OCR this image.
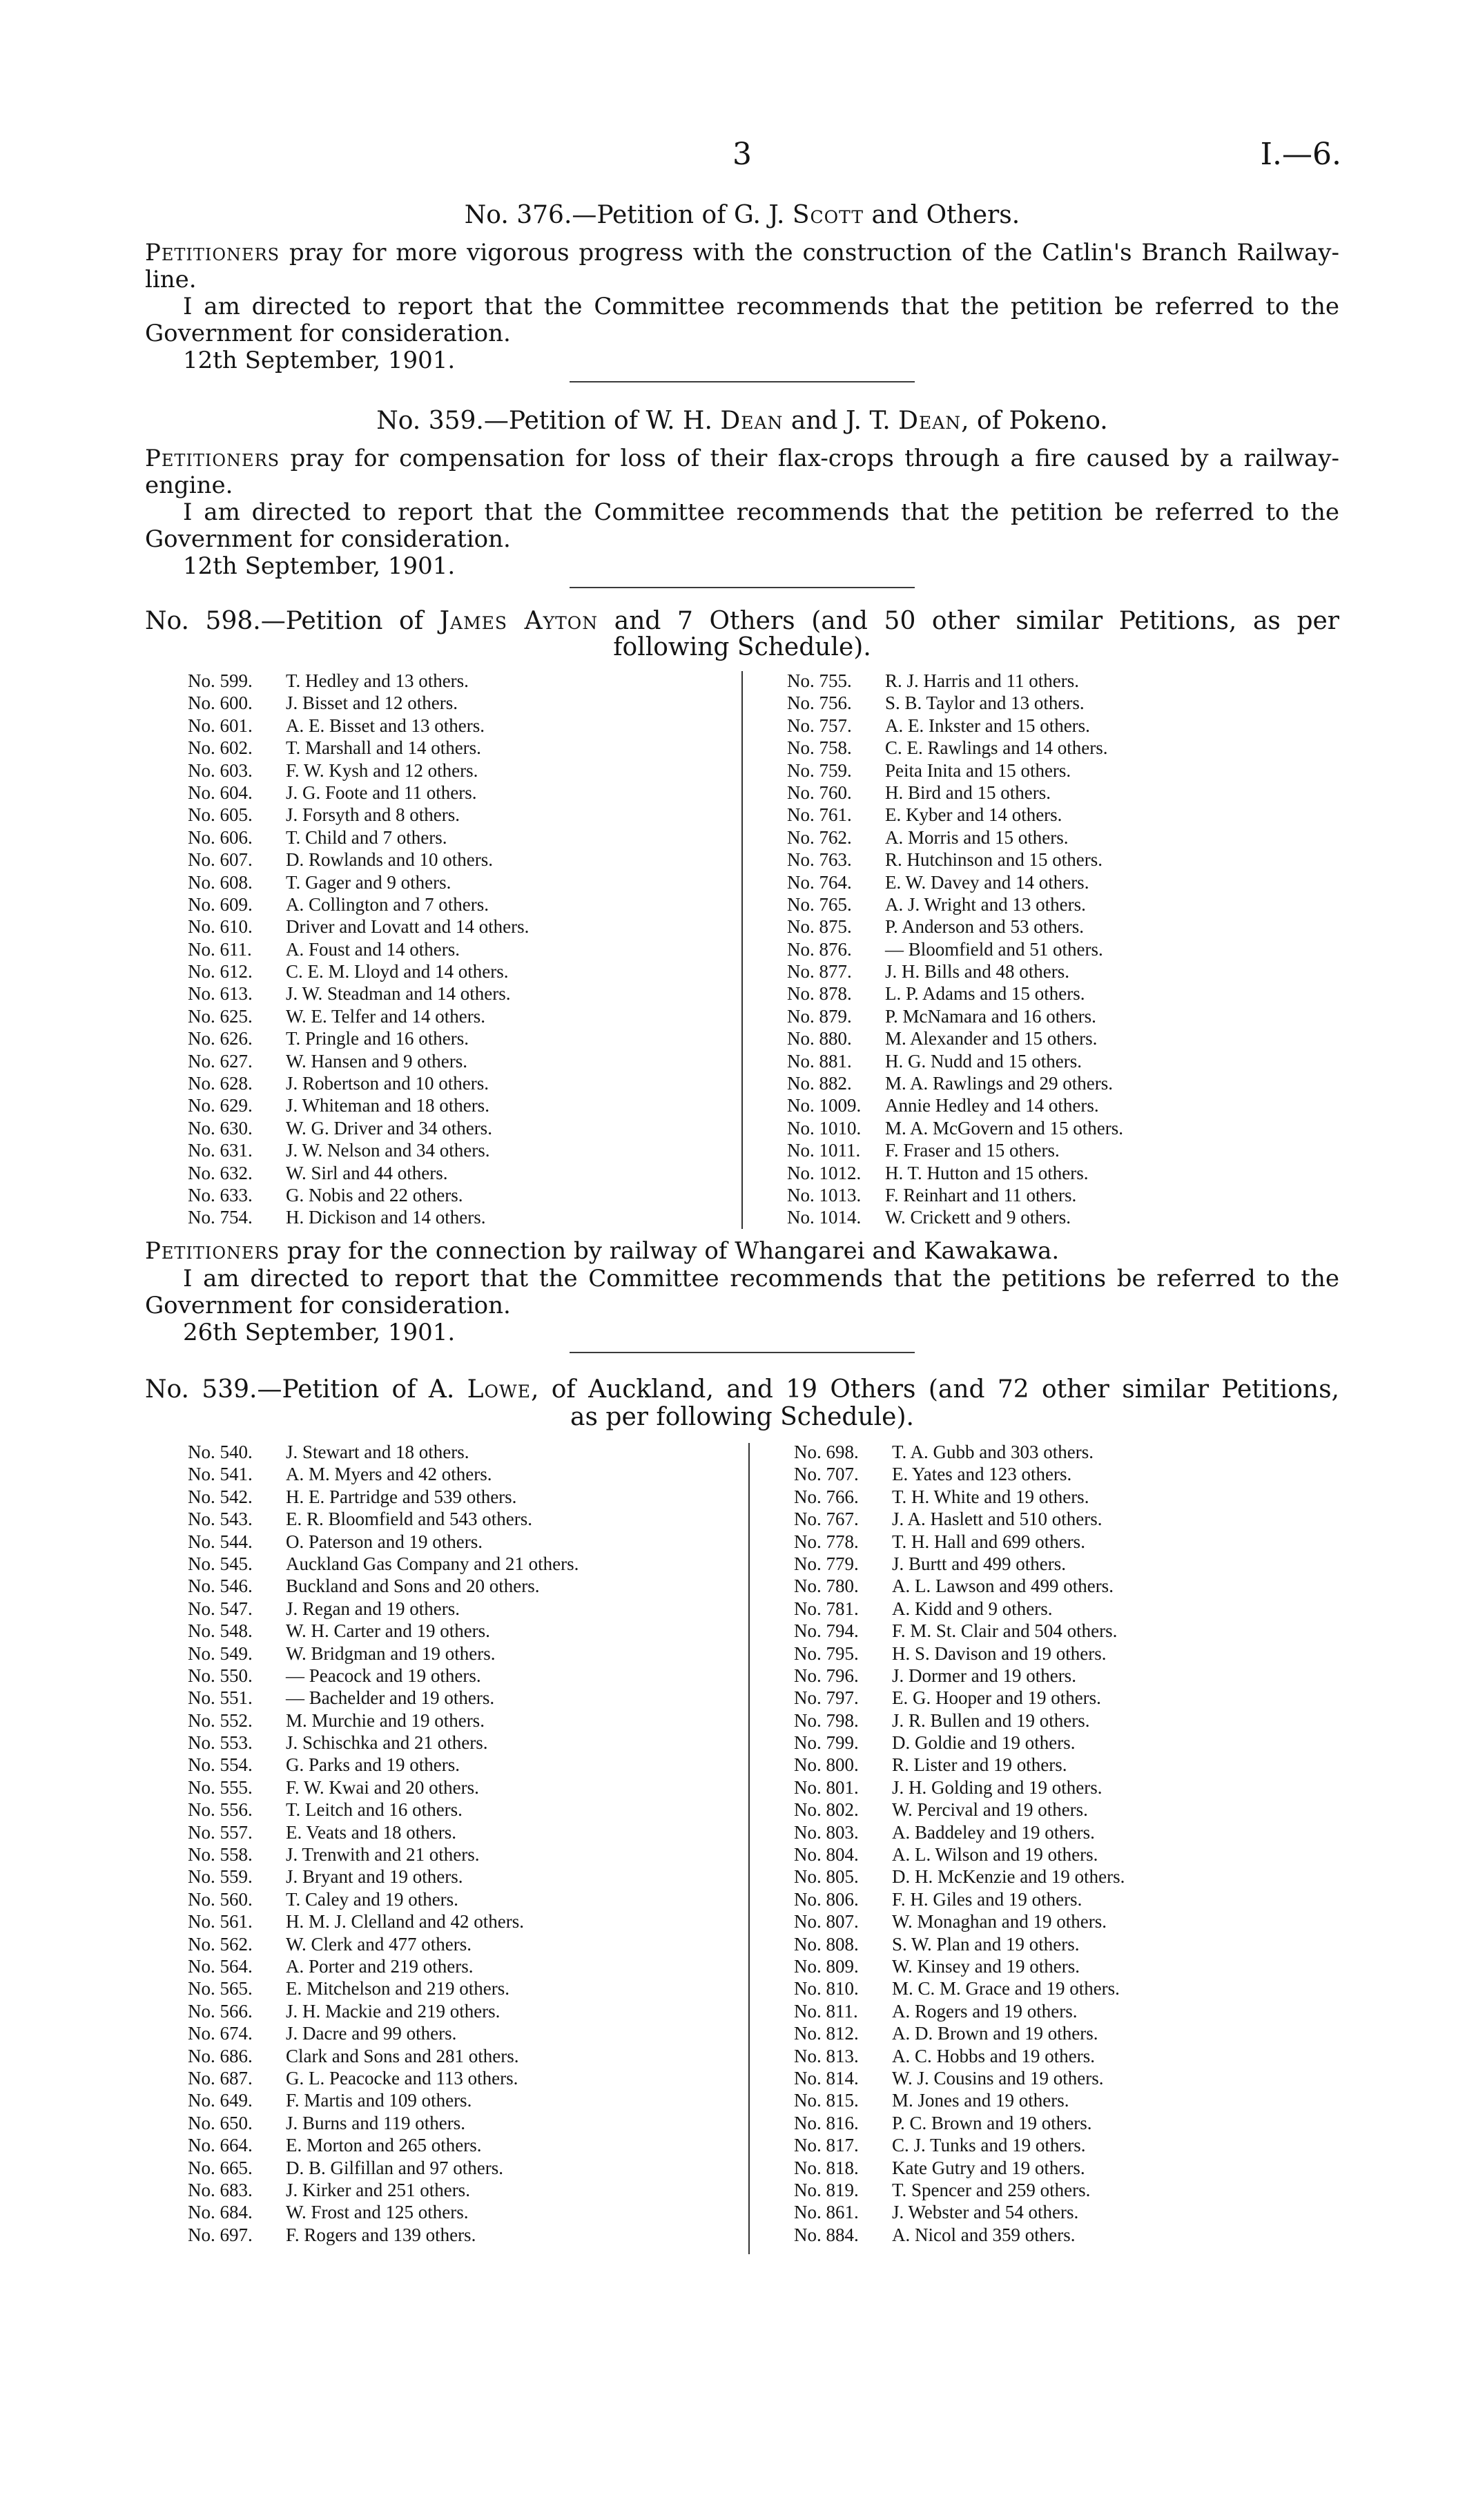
3	I.—6.
No. 376.—Petition of G. J. Scott and Others.
Petitioners pray for more vigorous progress with the construction of the Catlin's Branch Railway-line.
I am directed to report that the Committee recommends that the petition be referred to the Government for consideration.
12th September, 1901.
No. 359.—Petition of W. H. Dean and J. T. Dean, of Pokeno.
Petitioners pray for compensation for loss of their flax-crops through a fire caused by a railway-engine.
I am directed to report that the Committee recommends that the petition be referred to the Government for consideration.
12th September, 1901.
No. 598.—Petition of James Ayton and 7 Others (and 50 other similar Petitions, as per
following Schedule).
No. 599. T. Hedley and 13 others.
No. 600. J. Bisset and 12 others.
No. 601. A. E. Bisset and 13 others.
No. 602. T. Marshall and 14 others.
No. 603. F. W. Kysh and 12 others.
No. 604. J. G. Foote and 11 others.
No. 605. J. Forsyth and 8 others.
No. 606. T. Child and 7 others.
No. 607. D. Rowlands and 10 others.
No. 608. T. Gager and 9 others.
No. 609. A. Collington and 7 others.
No. 610. Driver and Lovatt and 14 others.
No. 611. A. Foust and 14 others.
No. 612. C. E. M. Lloyd and 14 others.
No. 613. J. W. Steadman and 14 others.
No. 625. W. E. Telfer and 14 others.
No. 626. T. Pringle and 16 others.
No. 627. W. Hansen and 9 others.
No. 628. J. Robertson and 10 others.
No. 629. J. Whiteman and 18 others.
No. 630. W. G. Driver and 34 others.
No. 631. J. W. Nelson and 34 others.
No. 632. W. Sirl and 44 others.
No. 633. G. Nobis and 22 others.
No. 754. H. Dickison and 14 others.
No. 755. R. J. Harris and 11 others.
No. 756. S. B. Taylor and 13 others.
No. 757. A. E. Inkster and 15 others.
No. 758. C. E. Rawlings and 14 others.
No. 759. Peita Inita and 15 others.
No. 760. H. Bird and 15 others.
No. 761. E. Kyber and 14 others.
No. 762. A. Morris and 15 others.
No. 763. R. Hutchinson and 15 others.
No. 764. E. W. Davey and 14 others.
No. 765. A. J. Wright and 13 others.
No. 875. P. Anderson and 53 others.
No. 876. — Bloomfield and 51 others.
No. 877. J. H. Bills and 48 others.
No. 878. L. P. Adams and 15 others.
No. 879. P. McNamara and 16 others.
No. 880. M. Alexander and 15 others.
No. 881. H. G. Nudd and 15 others.
No. 882. M. A. Rawlings and 29 others.
No. 1009. Annie Hedley and 14 others.
No. 1010. M. A. McGovern and 15 others.
No. 1011. F. Fraser and 15 others.
No. 1012. H. T. Hutton and 15 others.
No. 1013. F. Reinhart and 11 others.
No. 1014. W. Crickett and 9 others.
Petitioners pray for the connection by railway of Whangarei and Kawakawa.
I am directed to report that the Committee recommends that the petitions be referred to the Government for consideration.
26th September, 1901.
No. 539.—Petition of A. Lowe, of Auckland, and 19 Others (and 72 other similar Petitions,
as per following Schedule).
No. 540. J. Stewart and 18 others.
No. 541. A. M. Myers and 42 others.
No. 542. H. E. Partridge and 539 others.
No. 543. E. R. Bloomfield and 543 others.
No. 544. O. Paterson and 19 others.
No. 545. Auckland Gas Company and 21 others.
No. 546. Buckland and Sons and 20 others.
No. 547. J. Regan and 19 others.
No. 548. W. H. Carter and 19 others.
No. 549. W. Bridgman and 19 others.
No. 550. — Peacock and 19 others.
No. 551. — Bachelder and 19 others.
No. 552. M. Murchie and 19 others.
No. 553. J. Schischka and 21 others.
No. 554. G. Parks and 19 others.
No. 555. F. W. Kwai and 20 others.
No. 556. T. Leitch and 16 others.
No. 557. E. Veats and 18 others.
No. 558. J. Trenwith and 21 others.
No. 559. J. Bryant and 19 others.
No. 560. T. Caley and 19 others.
No. 561. H. M. J. Clelland and 42 others.
No. 562. W. Clerk and 477 others.
No. 564. A. Porter and 219 others.
No. 565. E. Mitchelson and 219 others.
No. 566. J. H. Mackie and 219 others.
No. 674. J. Dacre and 99 others.
No. 686. Clark and Sons and 281 others.
No. 687. G. L. Peacocke and 113 others.
No. 649. F. Martis and 109 others.
No. 650. J. Burns and 119 others.
No. 664. E. Morton and 265 others.
No. 665. D. B. Gilfillan and 97 others.
No. 683. J. Kirker and 251 others.
No. 684. W. Frost and 125 others.
No. 697. F. Rogers and 139 others.
No. 698. T. A. Gubb and 303 others.
No. 707. E. Yates and 123 others.
No. 766. T. H. White and 19 others.
No. 767. J. A. Haslett and 510 others.
No. 778. T. H. Hall and 699 others.
No. 779. J. Burtt and 499 others.
No. 780. A. L. Lawson and 499 others.
No. 781. A. Kidd and 9 others.
No. 794. F. M. St. Clair and 504 others.
No. 795. H. S. Davison and 19 others.
No. 796. J. Dormer and 19 others.
No. 797. E. G. Hooper and 19 others.
No. 798. J. R. Bullen and 19 others.
No. 799. D. Goldie and 19 others.
No. 800. R. Lister and 19 others.
No. 801. J. H. Golding and 19 others.
No. 802. W. Percival and 19 others.
No. 803. A. Baddeley and 19 others.
No. 804. A. L. Wilson and 19 others.
No. 805. D. H. McKenzie and 19 others.
No. 806. F. H. Giles and 19 others.
No. 807. W. Monaghan and 19 others.
No. 808. S. W. Plan and 19 others.
No. 809. W. Kinsey and 19 others.
No. 810. M. C. M. Grace and 19 others.
No. 811. A. Rogers and 19 others.
No. 812. A. D. Brown and 19 others.
No. 813. A. C. Hobbs and 19 others.
No. 814. W. J. Cousins and 19 others.
No. 815. M. Jones and 19 others.
No. 816. P. C. Brown and 19 others.
No. 817. C. J. Tunks and 19 others.
No. 818. Kate Gutry and 19 others.
No. 819. T. Spencer and 259 others.
No. 861. J. Webster and 54 others.
No. 884. A. Nicol and 359 others.
